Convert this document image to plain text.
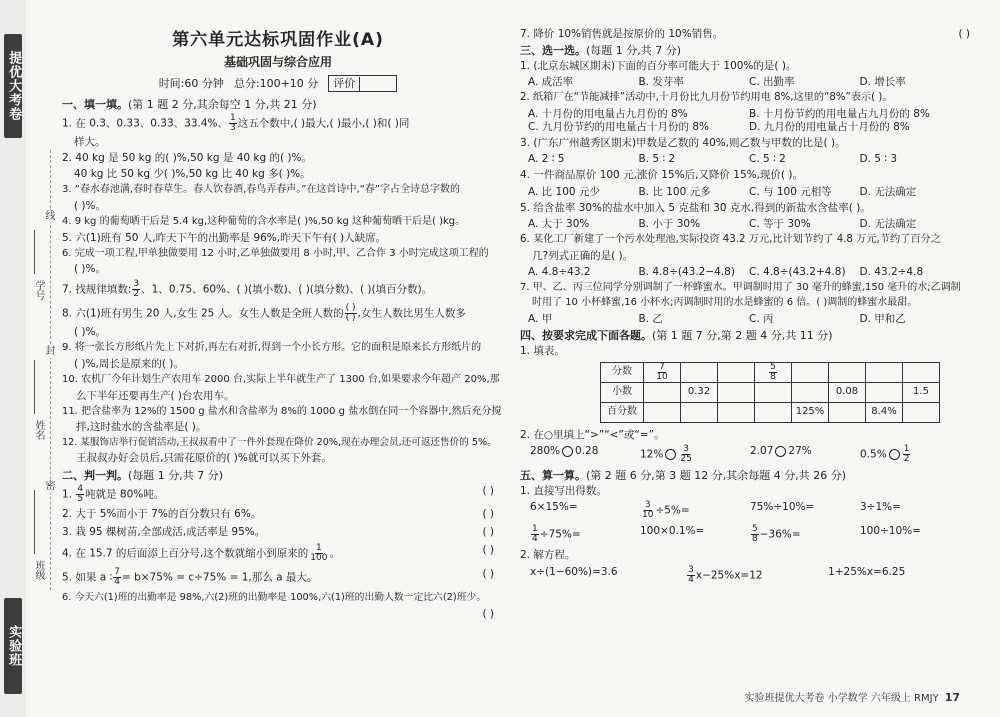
提优大考卷
实验班
学号
姓名
班级
线
封
密
第六单元达标巩固作业(A)
基础巩固与综合应用
时间:60 分钟 总分:100+10 分	评价
一、填一填。(第 1 题 2 分,其余每空 1 分,共 21 分)
1. 在 0.3、0.33、0.3̇3̇、33.4%、 $\frac{1}{3}$ 这五个数中,( )最大,( )最小,( )和( )同
样大。
2. 40 kg 是 50 kg 的( )%,50 kg 是 40 kg 的( )%。
40 kg 比 50 kg 少( )%,50 kg 比 40 kg 多( )%。
3. “春水春池满,春时春草生。春人饮春酒,春鸟弄春声。”在这首诗中,“春”字占全诗总字数的
( )%。
4. 9 kg 的葡萄晒干后是 5.4 kg,这种葡萄的含水率是( )%,50 kg 这种葡萄晒干后是( )kg。
5. 六(1)班有 50 人,昨天下午的出勤率是 96%,昨天下午有( )人缺席。
6. 完成一项工程,甲单独做要用 12 小时,乙单独做要用 8 小时,甲、乙合作 3 小时完成这项工程的
( )%。
7. 找规律填数: $\frac{3}{2}$ 、1、0.75、60%、( )(填小数)、( )(填分数)、( )(填百分数)。
8. 六(1)班有男生 20 人,女生 25 人。女生人数是全班人数的 $\frac{( )}{( )}$ ,女生人数比男生人数多
( )%。
9. 将一张长方形纸片先上下对折,再左右对折,得到一个小长方形。它的面积是原来长方形纸片的
( )%,周长是原来的( )。
10. 农机厂今年计划生产农用车 2000 台,实际上半年就生产了 1300 台,如果要求今年超产 20%,那
么下半年还要再生产( )台农用车。
11. 把含盐率为 12%的 1500 g 盐水和含盐率为 8%的 1000 g 盐水倒在同一个容器中,然后充分搅
拌,这时盐水的含盐率是( )。
12. 某服饰店举行促销活动,王叔叔看中了一件外套现在降价 20%,现在办理会员,还可返还售价的 5%。
王叔叔办好会员后,只需花原价的( )%就可以买下外套。
二、判一判。(每题 1 分,共 7 分)
1. $\frac{4}{5}$ 吨就是 80%吨。	( )
2. 大于 5%而小于 7%的百分数只有 6%。	( )
3. 栽 95 棵树苗,全部成活,成活率是 95%。	( )
4. 在 15.7 的后面添上百分号,这个数就缩小到原来的 $\frac{1}{100}$ 。	( )
5. 如果 a ∶ $\frac{7}{4} = b\times 75\% = c\div 75\% = 1$,那么 a 最大。	( )
6. 今天六(1)班的出勤率是 98%,六(2)班的出勤率是 100%,六(1)班的出勤人数一定比六(2)班少。
( )
7. 降价 10%销售就是按原价的 10%销售。	( )
三、选一选。(每题 1 分,共 7 分)
1. (北京东城区期末)下面的百分率可能大于 100%的是( )。
A. 成活率	B. 发芽率	C. 出勤率	D. 增长率
2. 纸箱厂在“节能减排”活动中,十月份比九月份节约用电 8%,这里的“8%”表示( )。
A. 十月份的用电量占九月份的 8%	B. 十月份节约的用电量占九月份的 8%
C. 九月份节约的用电量占十月份的 8%	D. 九月份的用电量占十月份的 8%
3. (广东广州越秀区期末)甲数是乙数的 40%,则乙数与甲数的比是( )。
A. 2 ∶ 5	B. 5 ∶ 2	C. 5 ∶ 2	D. 5 ∶ 3
4. 一件商品原价 100 元,涨价 15%后,又降价 15%,现价( )。
A. 比 100 元少	B. 比 100 元多	C. 与 100 元相等	D. 无法确定
5. 给含盐率 30%的盐水中加入 5 克盐和 30 克水,得到的新盐水含盐率( )。
A. 大于 30%	B. 小于 30%	C. 等于 30%	D. 无法确定
6. 某化工厂新建了一个污水处理池,实际投资 43.2 万元,比计划节约了 4.8 万元,节约了百分之
几?列式正确的是( )。
A. 4.8÷43.2	B. 4.8÷(43.2−4.8)	C. 4.8÷(43.2+4.8)	D. 43.2÷4.8
7. 甲、乙、丙三位同学分别调制了一杯蜂蜜水。甲调制时用了 30 毫升的蜂蜜,150 毫升的水;乙调制
时用了 10 小杯蜂蜜,16 小杯水;丙调制时用的水是蜂蜜的 6 倍。( )调制的蜂蜜水最甜。
A. 甲	B. 乙	C. 丙	D. 甲和乙
四、按要求完成下面各题。(第 1 题 7 分,第 2 题 4 分,共 11 分)
1. 填表。
分数	$\frac{7}{10}$			$\frac{5}{8}$

小数		0.32				0.08		1.5
百分数					125%		8.4%	
2. 在○里填上“>”“<”或“=”。
280% 0.28	$12\% \frac{3}{25}$	2.07 27%	$0.5\% \frac{1}{2}$
五、算一算。(第 2 题 6 分,第 3 题 12 分,其余每题 4 分,共 26 分)
1. 直接写出得数。
6×15%=	$\frac{3}{10} \div 5\%=$	75%÷10%=	3÷1%=
$\frac{1}{4} \div 75\%=$	100×0.1%=	$\frac{5}{8} -36\%=$	100÷10%=
2. 解方程。
x÷(1−60%)=3.6	$\frac{3}{4} x-25\%x=12$	1+25%x=6.25
实验班提优大考卷 小学数学 六年级上 RMJY 17
